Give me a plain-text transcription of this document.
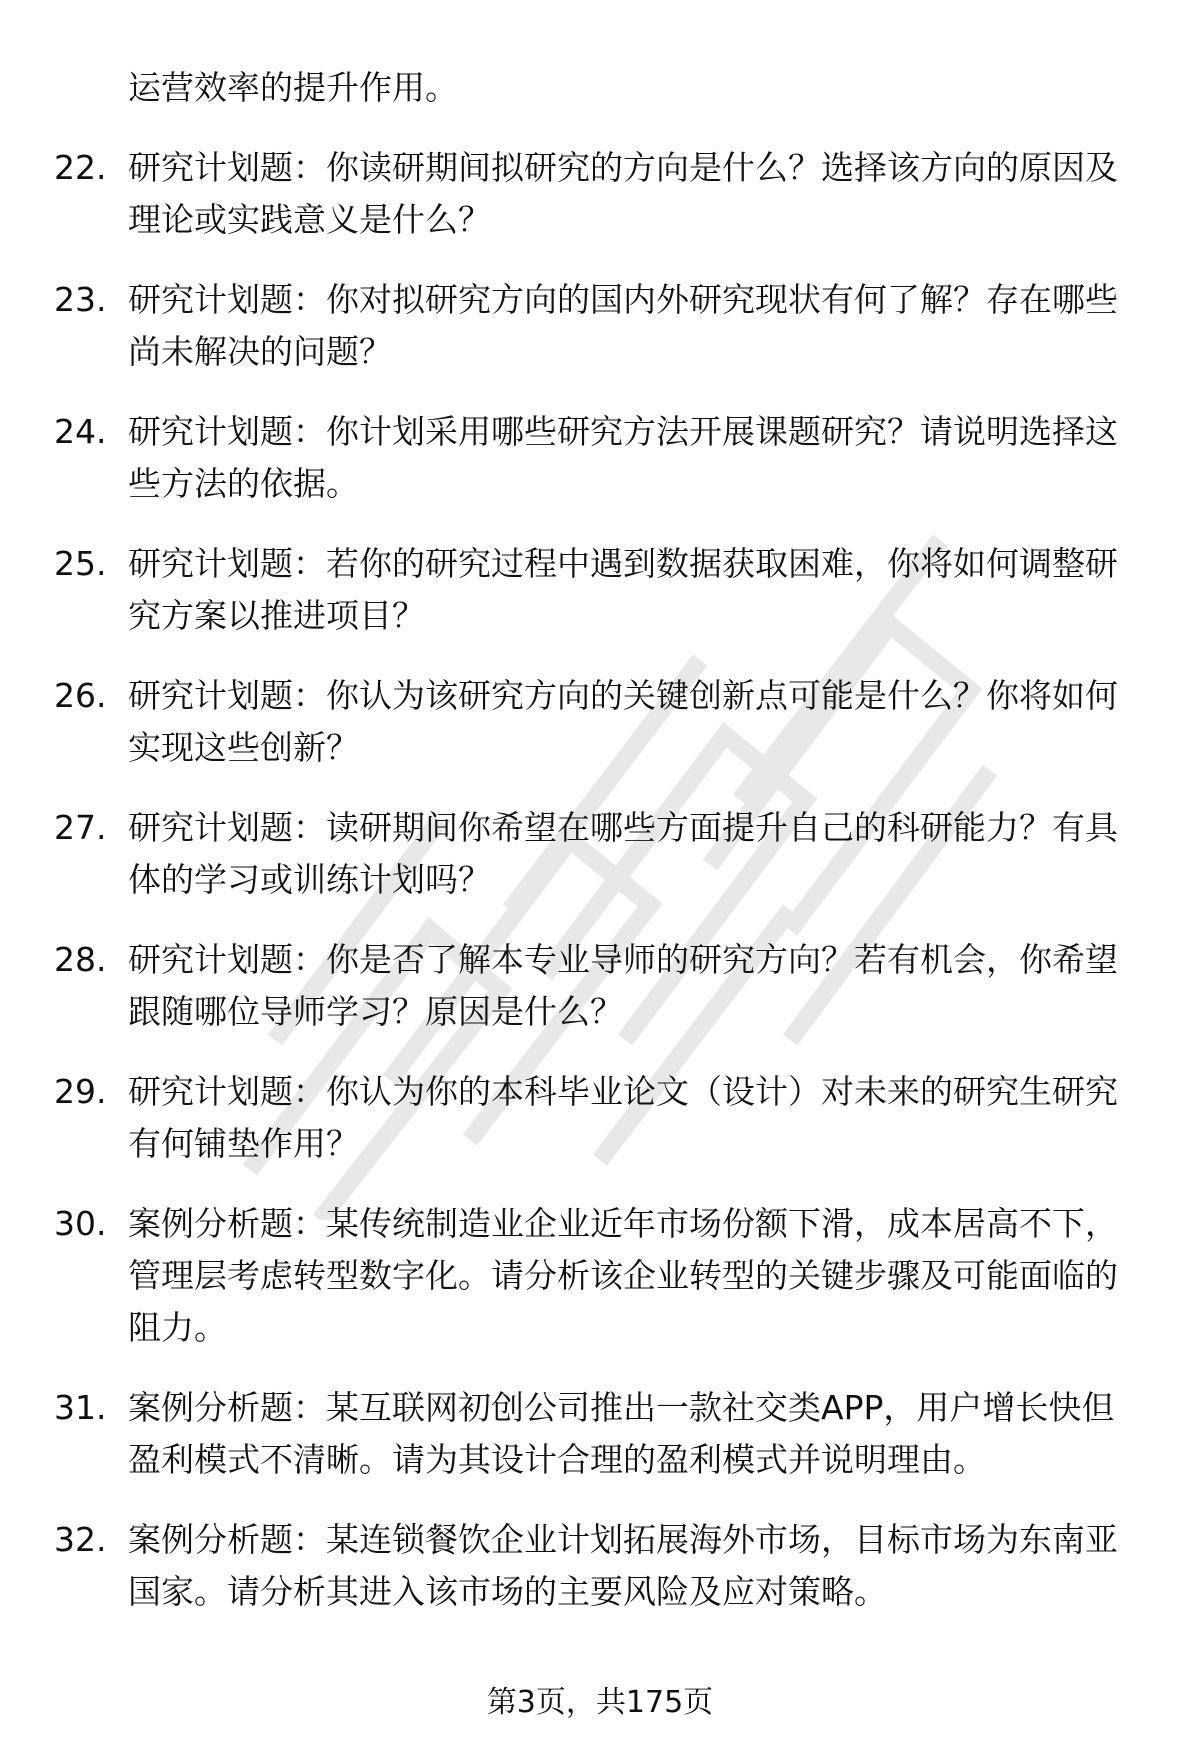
运营效率的提升作用。
22. 研究计划题：你读研期间拟研究的方向是什么？选择该方向的原因及理论或实践意义是什么？
23. 研究计划题：你对拟研究方向的国内外研究现状有何了解？存在哪些尚未解决的问题？
24. 研究计划题：你计划采用哪些研究方法开展课题研究？请说明选择这些方法的依据。
25. 研究计划题：若你的研究过程中遇到数据获取困难，你将如何调整研究方案以推进项目？
26. 研究计划题：你认为该研究方向的关键创新点可能是什么？你将如何实现这些创新？
27. 研究计划题：读研期间你希望在哪些方面提升自己的科研能力？有具体的学习或训练计划吗？
28. 研究计划题：你是否了解本专业导师的研究方向？若有机会，你希望跟随哪位导师学习？原因是什么？
29. 研究计划题：你认为你的本科毕业论文（设计）对未来的研究生研究有何铺垫作用？
30. 案例分析题：某传统制造业企业近年市场份额下滑，成本居高不下，管理层考虑转型数字化。请分析该企业转型的关键步骤及可能面临的阻力。
31. 案例分析题：某互联网初创公司推出一款社交类APP，用户增长快但盈利模式不清晰。请为其设计合理的盈利模式并说明理由。
32. 案例分析题：某连锁餐饮企业计划拓展海外市场，目标市场为东南亚国家。请分析其进入该市场的主要风险及应对策略。
第3页，共175页
